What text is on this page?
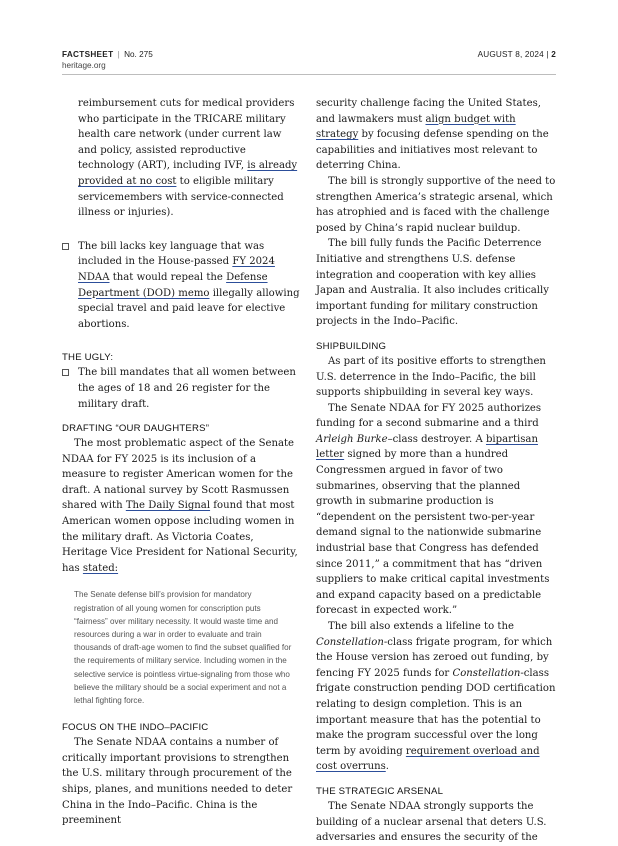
FACTSHEET | No. 275
heritage.org
AUGUST 8, 2024 | 2

reimbursement cuts for medical providers who participate in the TRICARE military health care network (under current law and policy, assisted reproductive technology (ART), including IVF, is already provided at no cost to eligible military servicemembers with service-connected illness or injuries).

The bill lacks key language that was included in the House-passed FY 2024 NDAA that would repeal the Defense Department (DOD) memo illegally allowing special travel and paid leave for elective abortions.

THE UGLY:

The bill mandates that all women between the ages of 18 and 26 register for the military draft.

DRAFTING “OUR DAUGHTERS”

The most problematic aspect of the Senate NDAA for FY 2025 is its inclusion of a measure to register American women for the draft. A national survey by Scott Rasmussen shared with The Daily Signal found that most American women oppose including women in the military draft. As Victoria Coates, Heritage Vice President for National Security, has stated:

The Senate defense bill’s provision for mandatory registration of all young women for conscription puts “fairness” over military necessity. It would waste time and resources during a war in order to evaluate and train thousands of draft-age women to find the subset qualified for the requirements of military service. Including women in the selective service is pointless virtue-signaling from those who believe the military should be a social experiment and not a lethal fighting force.

FOCUS ON THE INDO–PACIFIC

The Senate NDAA contains a number of critically important provisions to strengthen the U.S. military through procurement of the ships, planes, and munitions needed to deter China in the Indo–Pacific. China is the preeminent

security challenge facing the United States, and lawmakers must align budget with strategy by focusing defense spending on the capabilities and initiatives most relevant to deterring China.

The bill is strongly supportive of the need to strengthen America’s strategic arsenal, which has atrophied and is faced with the challenge posed by China’s rapid nuclear buildup.

The bill fully funds the Pacific Deterrence Initiative and strengthens U.S. defense integration and cooperation with key allies Japan and Australia. It also includes critically important funding for military construction projects in the Indo–Pacific.

SHIPBUILDING

As part of its positive efforts to strengthen U.S. deterrence in the Indo–Pacific, the bill supports shipbuilding in several key ways.

The Senate NDAA for FY 2025 authorizes funding for a second submarine and a third Arleigh Burke–class destroyer. A bipartisan letter signed by more than a hundred Congressmen argued in favor of two submarines, observing that the planned growth in submarine production is “dependent on the persistent two-per-year demand signal to the nationwide submarine industrial base that Congress has defended since 2011,” a commitment that has “driven suppliers to make critical capital investments and expand capacity based on a predictable forecast in expected work.”

The bill also extends a lifeline to the Constellation-class frigate program, for which the House version has zeroed out funding, by fencing FY 2025 funds for Constellation-class frigate construction pending DOD certification relating to design completion. This is an important measure that has the potential to make the program successful over the long term by avoiding requirement overload and cost overruns.

THE STRATEGIC ARSENAL

The Senate NDAA strongly supports the building of a nuclear arsenal that deters U.S. adversaries and ensures the security of the
